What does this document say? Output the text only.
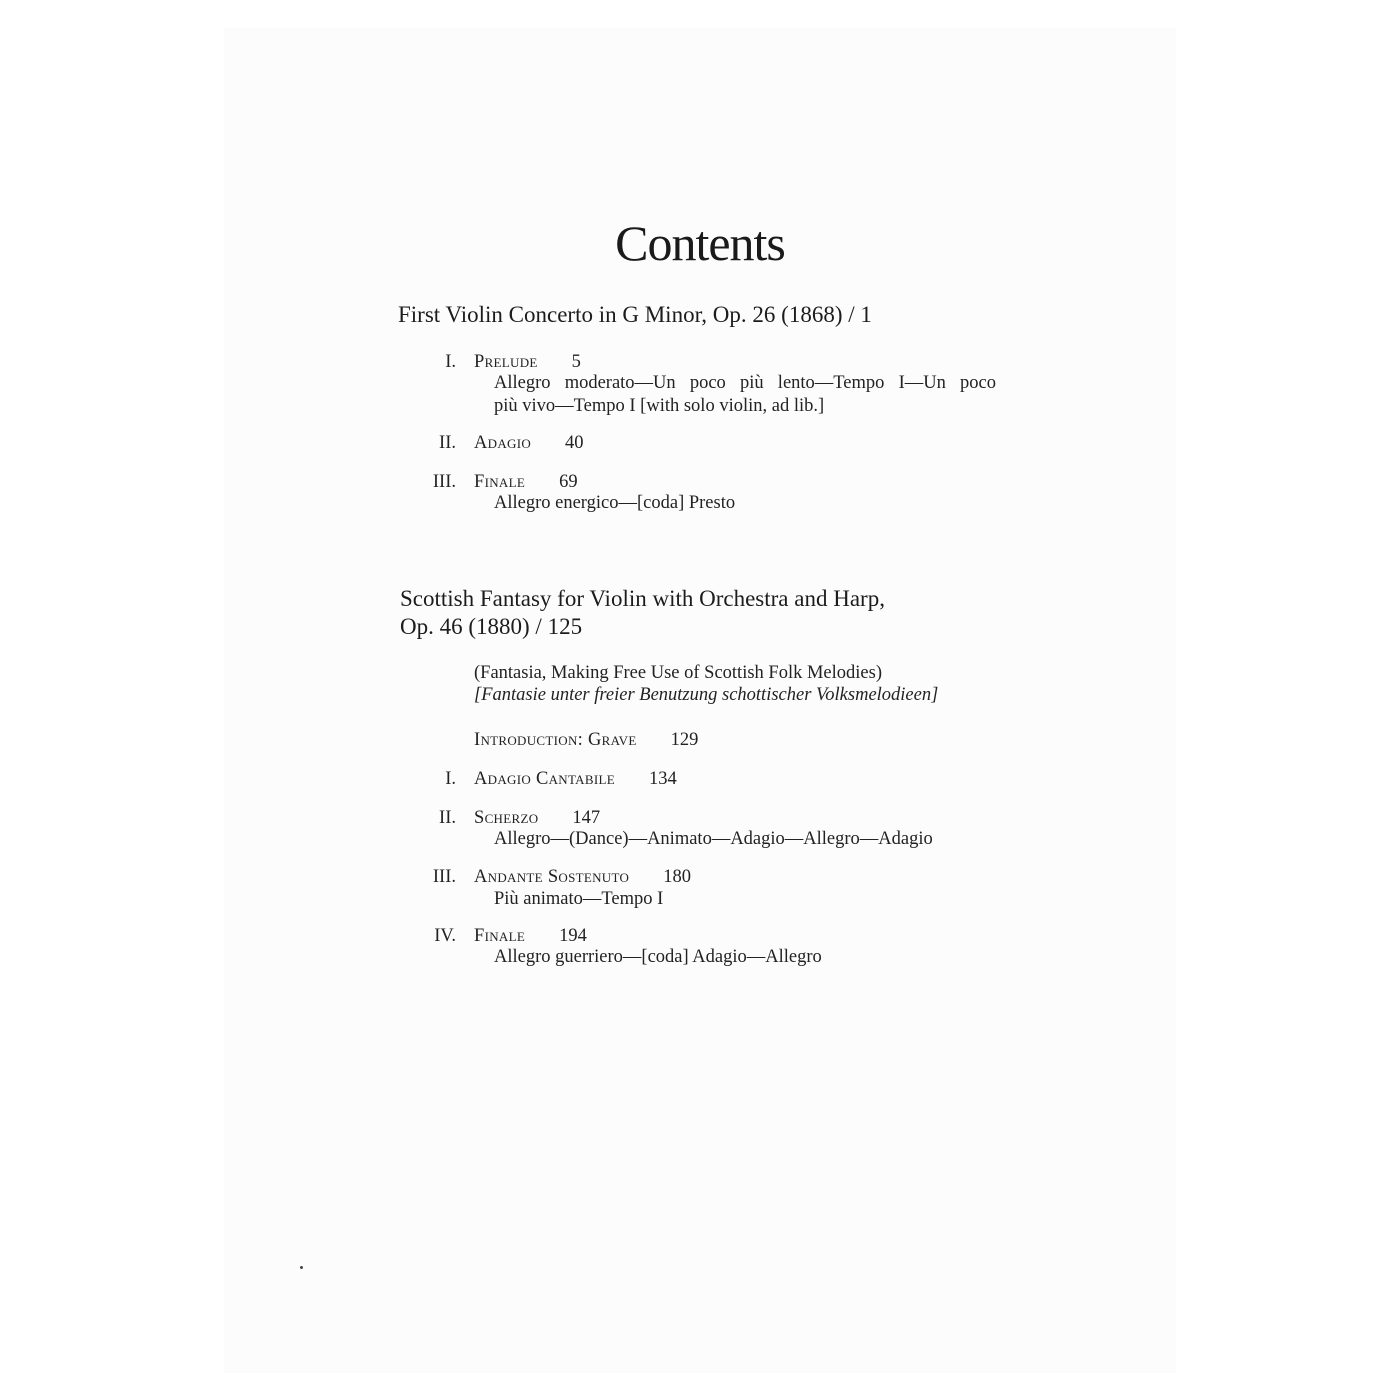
Contents
First Violin Concerto in G Minor, Op. 26 (1868) / 1
I. Prelude 5
Allegro moderato—Un poco più lento—Tempo I—Un poco
più vivo—Tempo I [with solo violin, ad lib.]
II. Adagio 40
III. Finale 69
Allegro energico—[coda] Presto
Scottish Fantasy for Violin with Orchestra and Harp,
Op. 46 (1880) / 125
(Fantasia, Making Free Use of Scottish Folk Melodies)
[Fantasie unter freier Benutzung schottischer Volksmelodieen]
Introduction: Grave 129
I. Adagio Cantabile 134
II. Scherzo 147
Allegro—(Dance)—Animato—Adagio—Allegro—Adagio
III. Andante Sostenuto 180
Più animato—Tempo I
IV. Finale 194
Allegro guerriero—[coda] Adagio—Allegro
